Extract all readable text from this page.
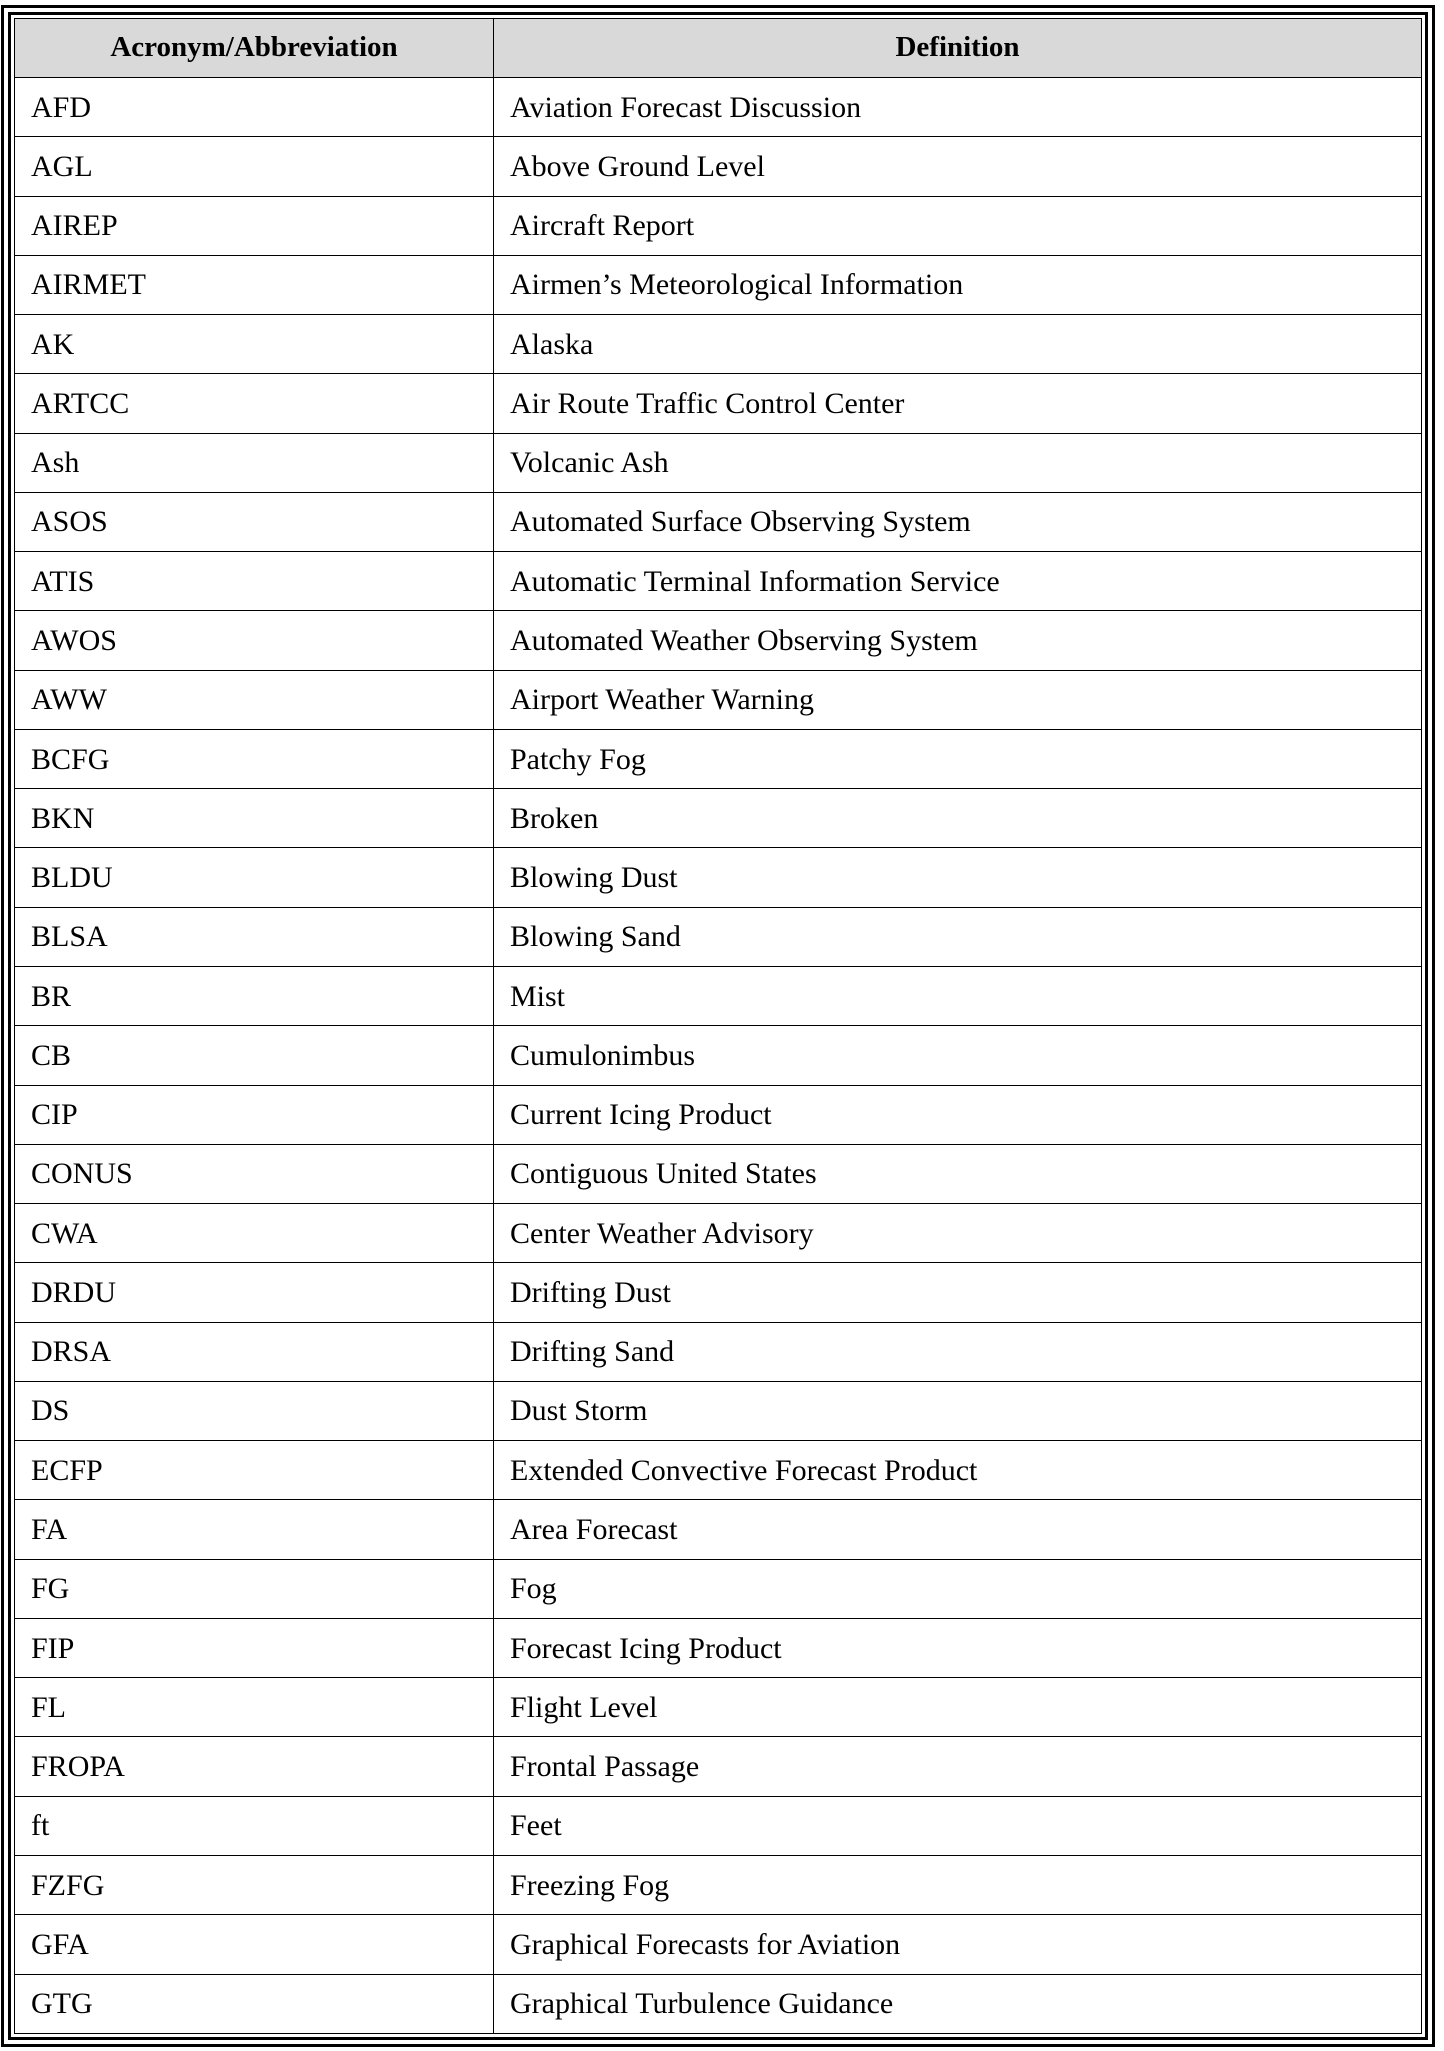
Acronym/Abbreviation	Definition
AFD	Aviation Forecast Discussion
AGL	Above Ground Level
AIREP	Aircraft Report
AIRMET	Airmen’s Meteorological Information
AK	Alaska
ARTCC	Air Route Traffic Control Center
Ash	Volcanic Ash
ASOS	Automated Surface Observing System
ATIS	Automatic Terminal Information Service
AWOS	Automated Weather Observing System
AWW	Airport Weather Warning
BCFG	Patchy Fog
BKN	Broken
BLDU	Blowing Dust
BLSA	Blowing Sand
BR	Mist
CB	Cumulonimbus
CIP	Current Icing Product
CONUS	Contiguous United States
CWA	Center Weather Advisory
DRDU	Drifting Dust
DRSA	Drifting Sand
DS	Dust Storm
ECFP	Extended Convective Forecast Product
FA	Area Forecast
FG	Fog
FIP	Forecast Icing Product
FL	Flight Level
FROPA	Frontal Passage
ft	Feet
FZFG	Freezing Fog
GFA	Graphical Forecasts for Aviation
GTG	Graphical Turbulence Guidance
